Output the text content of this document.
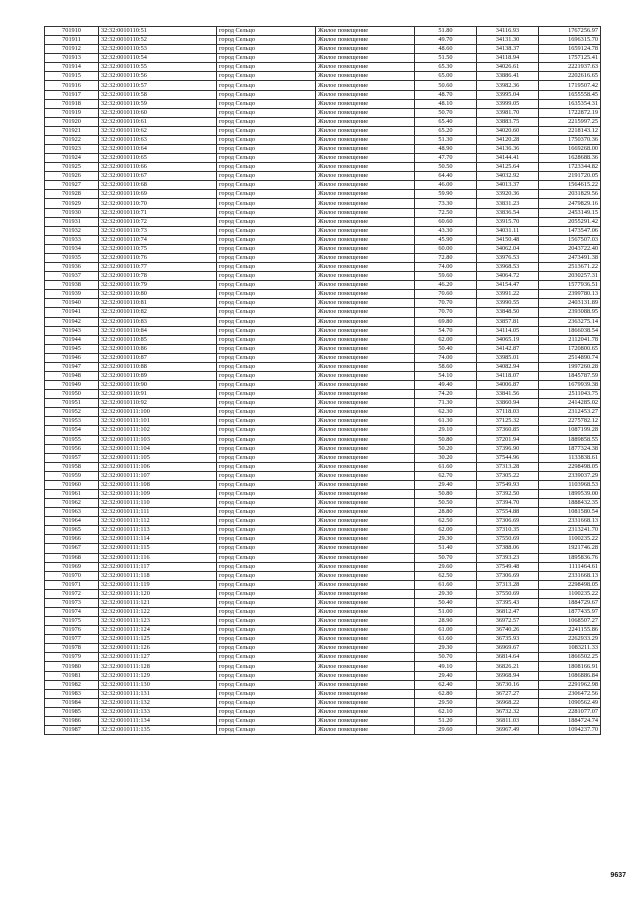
701910	32:32:0010110:51	город Сельцо	Жилое помещение	51.80	34116.93	1767256.97
701911	32:32:0010110:52	город Сельцо	Жилое помещение	49.70	34131.30	1696315.70
701912	32:32:0010110:53	город Сельцо	Жилое помещение	48.60	34138.37	1659124.78
701913	32:32:0010110:54	город Сельцо	Жилое помещение	51.50	34118.94	1757125.41
701914	32:32:0010110:55	город Сельцо	Жилое помещение	65.30	34026.61	2221937.63
701915	32:32:0010110:56	город Сельцо	Жилое помещение	65.00	33886.41	2202616.65
701916	32:32:0010110:57	город Сельцо	Жилое помещение	50.60	33982.36	1719507.42
701917	32:32:0010110:58	город Сельцо	Жилое помещение	48.70	33995.04	1655558.45
701918	32:32:0010110:59	город Сельцо	Жилое помещение	48.10	33999.05	1635354.31
701919	32:32:0010110:60	город Сельцо	Жилое помещение	50.70	33981.70	1722872.19
701920	32:32:0010110:61	город Сельцо	Жилое помещение	65.40	33883.75	2215997.25
701921	32:32:0010110:62	город Сельцо	Жилое помещение	65.20	34020.60	2218143.12
701922	32:32:0010110:63	город Сельцо	Жилое помещение	51.30	34120.28	1750370.36
701923	32:32:0010110:64	город Сельцо	Жилое помещение	48.90	34136.36	1669268.00
701924	32:32:0010110:65	город Сельцо	Жилое помещение	47.70	34144.41	1628688.36
701925	32:32:0010110:66	город Сельцо	Жилое помещение	50.50	34125.64	1723344.82
701926	32:32:0010110:67	город Сельцо	Жилое помещение	64.40	34032.92	2191720.05
701927	32:32:0010110:68	город Сельцо	Жилое помещение	46.00	34013.37	1564615.22
701928	32:32:0010110:69	город Сельцо	Жилое помещение	59.90	33920.36	2031829.56
701929	32:32:0010110:70	город Сельцо	Жилое помещение	73.30	33831.23	2479829.16
701930	32:32:0010110:71	город Сельцо	Жилое помещение	72.50	33836.54	2453149.15
701931	32:32:0010110:72	город Сельцо	Жилое помещение	60.60	33915.70	2055291.42
701932	32:32:0010110:73	город Сельцо	Жилое помещение	43.30	34031.11	1473547.06
701933	32:32:0010110:74	город Сельцо	Жилое помещение	45.90	34150.48	1567507.03
701934	32:32:0010110:75	город Сельцо	Жилое помещение	60.00	34062.04	2043722.40
701935	32:32:0010110:76	город Сельцо	Жилое помещение	72.80	33976.53	2473491.38
701936	32:32:0010110:77	город Сельцо	Жилое помещение	74.00	33968.53	2513671.22
701937	32:32:0010110:78	город Сельцо	Жилое помещение	59.60	34064.72	2030257.31
701938	32:32:0010110:79	город Сельцо	Жилое помещение	46.20	34154.47	1577936.51
701939	32:32:0010110:80	город Сельцо	Жилое помещение	70.60	33991.22	2399780.13
701940	32:32:0010110:81	город Сельцо	Жилое помещение	70.70	33990.55	2403131.89
701941	32:32:0010110:82	город Сельцо	Жилое помещение	70.70	33848.50	2393088.95
701942	32:32:0010110:83	город Сельцо	Жилое помещение	69.80	33857.81	2363275.14
701943	32:32:0010110:84	город Сельцо	Жилое помещение	54.70	34114.05	1866038.54
701944	32:32:0010110:85	город Сельцо	Жилое помещение	62.00	34065.19	2112041.78
701945	32:32:0010110:86	город Сельцо	Жилое помещение	50.40	34142.87	1720800.65
701946	32:32:0010110:87	город Сельцо	Жилое помещение	74.00	33985.01	2514890.74
701947	32:32:0010110:88	город Сельцо	Жилое помещение	58.60	34082.94	1997260.28
701948	32:32:0010110:89	город Сельцо	Жилое помещение	54.10	34118.07	1845787.59
701949	32:32:0010110:90	город Сельцо	Жилое помещение	49.40	34006.87	1679939.38
701950	32:32:0010110:91	город Сельцо	Жилое помещение	74.20	33841.56	2511043.75
701951	32:32:0010110:92	город Сельцо	Жилое помещение	71.30	33860.94	2414285.02
701952	32:32:0010111:100	город Сельцо	Жилое помещение	62.30	37118.03	2312453.27
701953	32:32:0010111:101	город Сельцо	Жилое помещение	61.30	37125.32	2275782.12
701954	32:32:0010111:102	город Сельцо	Жилое помещение	29.10	37360.85	1087199.28
701955	32:32:0010111:103	город Сельцо	Жилое помещение	50.80	37201.94	1889858.55
701956	32:32:0010111:104	город Сельцо	Жилое помещение	50.20	37396.90	1877324.38
701957	32:32:0010111:105	город Сельцо	Жилое помещение	30.20	37544.96	1133838.61
701958	32:32:0010111:106	город Сельцо	Жилое помещение	61.60	37313.28	2298498.05
701959	32:32:0010111:107	город Сельцо	Жилое помещение	62.70	37305.22	2339037.29
701960	32:32:0010111:108	город Сельцо	Жилое помещение	29.40	37549.93	1103968.53
701961	32:32:0010111:109	город Сельцо	Жилое помещение	50.80	37392.50	1899539.00
701962	32:32:0010111:110	город Сельцо	Жилое помещение	50.50	37394.70	1888432.35
701963	32:32:0010111:111	город Сельцо	Жилое помещение	28.80	37554.88	1081580.54
701964	32:32:0010111:112	город Сельцо	Жилое помещение	62.50	37306.69	2331668.13
701965	32:32:0010111:113	город Сельцо	Жилое помещение	62.00	37310.35	2313241.70
701966	32:32:0010111:114	город Сельцо	Жилое помещение	29.30	37550.69	1100235.22
701967	32:32:0010111:115	город Сельцо	Жилое помещение	51.40	37388.06	1921746.28
701968	32:32:0010111:116	город Сельцо	Жилое помещение	50.70	37393.23	1895836.76
701969	32:32:0010111:117	город Сельцо	Жилое помещение	29.60	37549.48	1111464.61
701970	32:32:0010111:118	город Сельцо	Жилое помещение	62.50	37306.69	2331668.13
701971	32:32:0010111:119	город Сельцо	Жилое помещение	61.60	37313.28	2298498.05
701972	32:32:0010111:120	город Сельцо	Жилое помещение	29.30	37550.69	1100235.22
701973	32:32:0010111:121	город Сельцо	Жилое помещение	50.40	37395.43	1884729.67
701974	32:32:0010111:122	город Сельцо	Жилое помещение	51.00	36812.47	1877435.97
701975	32:32:0010111:123	город Сельцо	Жилое помещение	28.90	36972.57	1068507.27
701976	32:32:0010111:124	город Сельцо	Жилое помещение	61.00	36740.26	2241155.86
701977	32:32:0010111:125	город Сельцо	Жилое помещение	61.60	36735.93	2262933.29
701978	32:32:0010111:126	город Сельцо	Жилое помещение	29.30	36969.67	1083211.33
701979	32:32:0010111:127	город Сельцо	Жилое помещение	50.70	36814.64	1866502.25
701980	32:32:0010111:128	город Сельцо	Жилое помещение	49.10	36826.21	1808166.91
701981	32:32:0010111:129	город Сельцо	Жилое помещение	29.40	36968.94	1086886.84
701982	32:32:0010111:130	город Сельцо	Жилое помещение	62.40	36730.16	2291962.98
701983	32:32:0010111:131	город Сельцо	Жилое помещение	62.80	36727.27	2306472.56
701984	32:32:0010111:132	город Сельцо	Жилое помещение	29.50	36968.22	1090562.49
701985	32:32:0010111:133	город Сельцо	Жилое помещение	62.10	36732.32	2281077.07
701986	32:32:0010111:134	город Сельцо	Жилое помещение	51.20	36811.03	1884724.74
701987	32:32:0010111:135	город Сельцо	Жилое помещение	29.60	36967.49	1094237.70
9637
